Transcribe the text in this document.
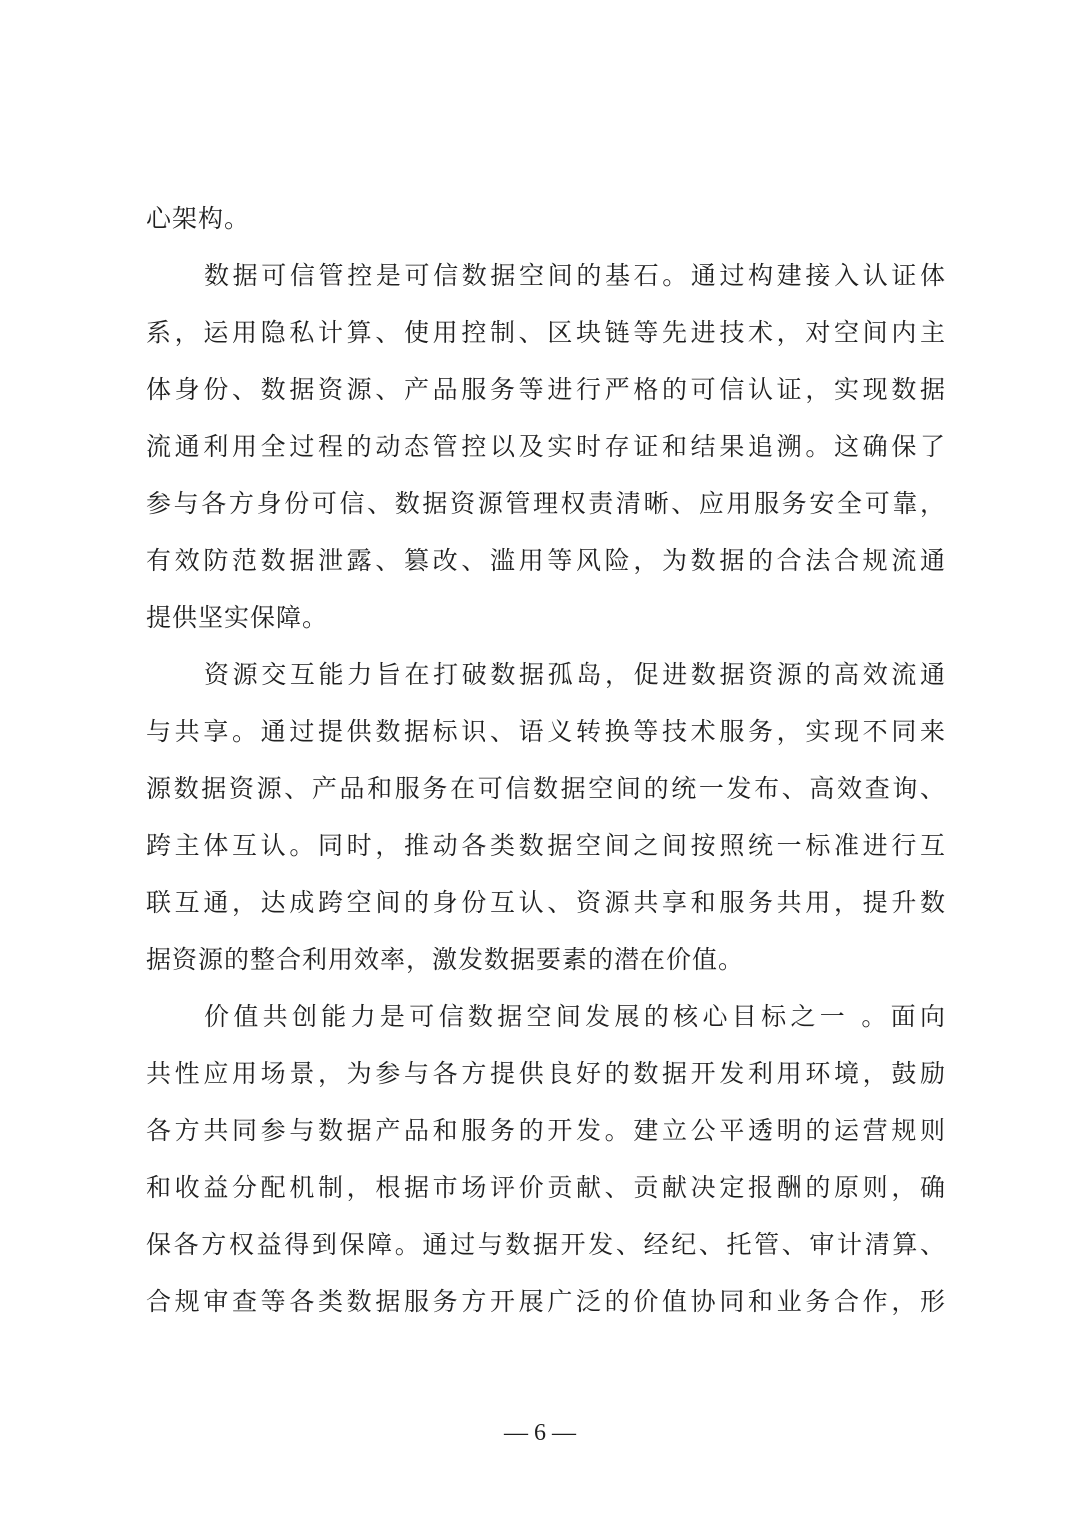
心架构。
数据可信管控是可信数据空间的基石。通过构建接入认证体
系，运用隐私计算、使用控制、区块链等先进技术，对空间内主
体身份、数据资源、产品服务等进行严格的可信认证，实现数据
流通利用全过程的动态管控以及实时存证和结果追溯。这确保了
参与各方身份可信、数据资源管理权责清晰、应用服务安全可靠，
有效防范数据泄露、篡改、滥用等风险，为数据的合法合规流通
提供坚实保障。
资源交互能力旨在打破数据孤岛，促进数据资源的高效流通
与共享。通过提供数据标识、语义转换等技术服务，实现不同来
源数据资源、产品和服务在可信数据空间的统一发布、高效查询、
跨主体互认。同时，推动各类数据空间之间按照统一标准进行互
联互通，达成跨空间的身份互认、资源共享和服务共用，提升数
据资源的整合利用效率，激发数据要素的潜在价值。
价值共创能力是可信数据空间发展的核心目标之一 。面向
共性应用场景，为参与各方提供良好的数据开发利用环境，鼓励
各方共同参与数据产品和服务的开发。建立公平透明的运营规则
和收益分配机制，根据市场评价贡献、贡献决定报酬的原则，确
保各方权益得到保障。通过与数据开发、经纪、托管、审计清算、
合规审查等各类数据服务方开展广泛的价值协同和业务合作，形
— 6 —
